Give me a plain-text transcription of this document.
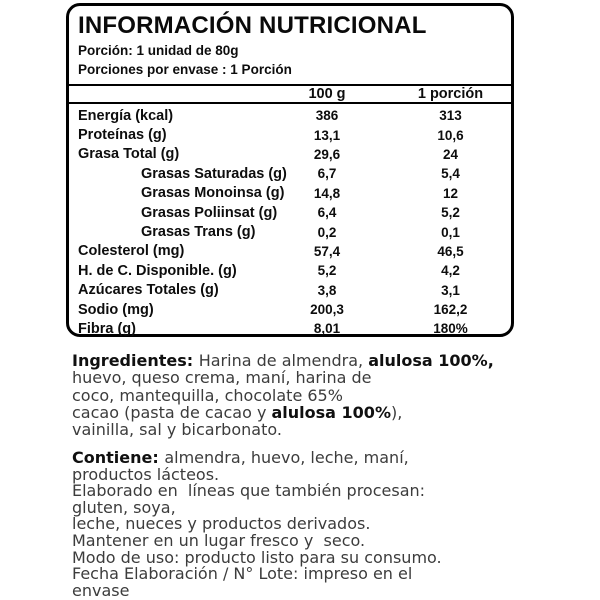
INFORMACIÓN NUTRICIONAL
Porción: 1 unidad de 80g
Porciones por envase : 1 Porción
100 g	1 porción
Energía (kcal)	386	313
Proteínas (g)	13,1	10,6
Grasa Total (g)	29,6	24
Grasas Saturadas (g)	6,7	5,4
Grasas Monoinsa (g)	14,8	12
Grasas Poliinsat (g)	6,4	5,2
Grasas Trans (g)	0,2	0,1
Colesterol (mg)	57,4	46,5
H. de C. Disponible. (g)	5,2	4,2
Azúcares Totales (g)	3,8	3,1
Sodio (mg)	200,3	162,2
Fibra (g)	8,01	180%
Ingredientes: Harina de almendra, alulosa 100%,
huevo, queso crema, maní, harina de
coco, mantequilla, chocolate 65%
cacao (pasta de cacao y alulosa 100%),
vainilla, sal y bicarbonato.
Contiene: almendra, huevo, leche, maní,
productos lácteos.
Elaborado en  líneas que también procesan:
gluten, soya,
leche, nueces y productos derivados.
Mantener en un lugar fresco y  seco.
Modo de uso: producto listo para su consumo.
Fecha Elaboración / N° Lote: impreso en el
envase
